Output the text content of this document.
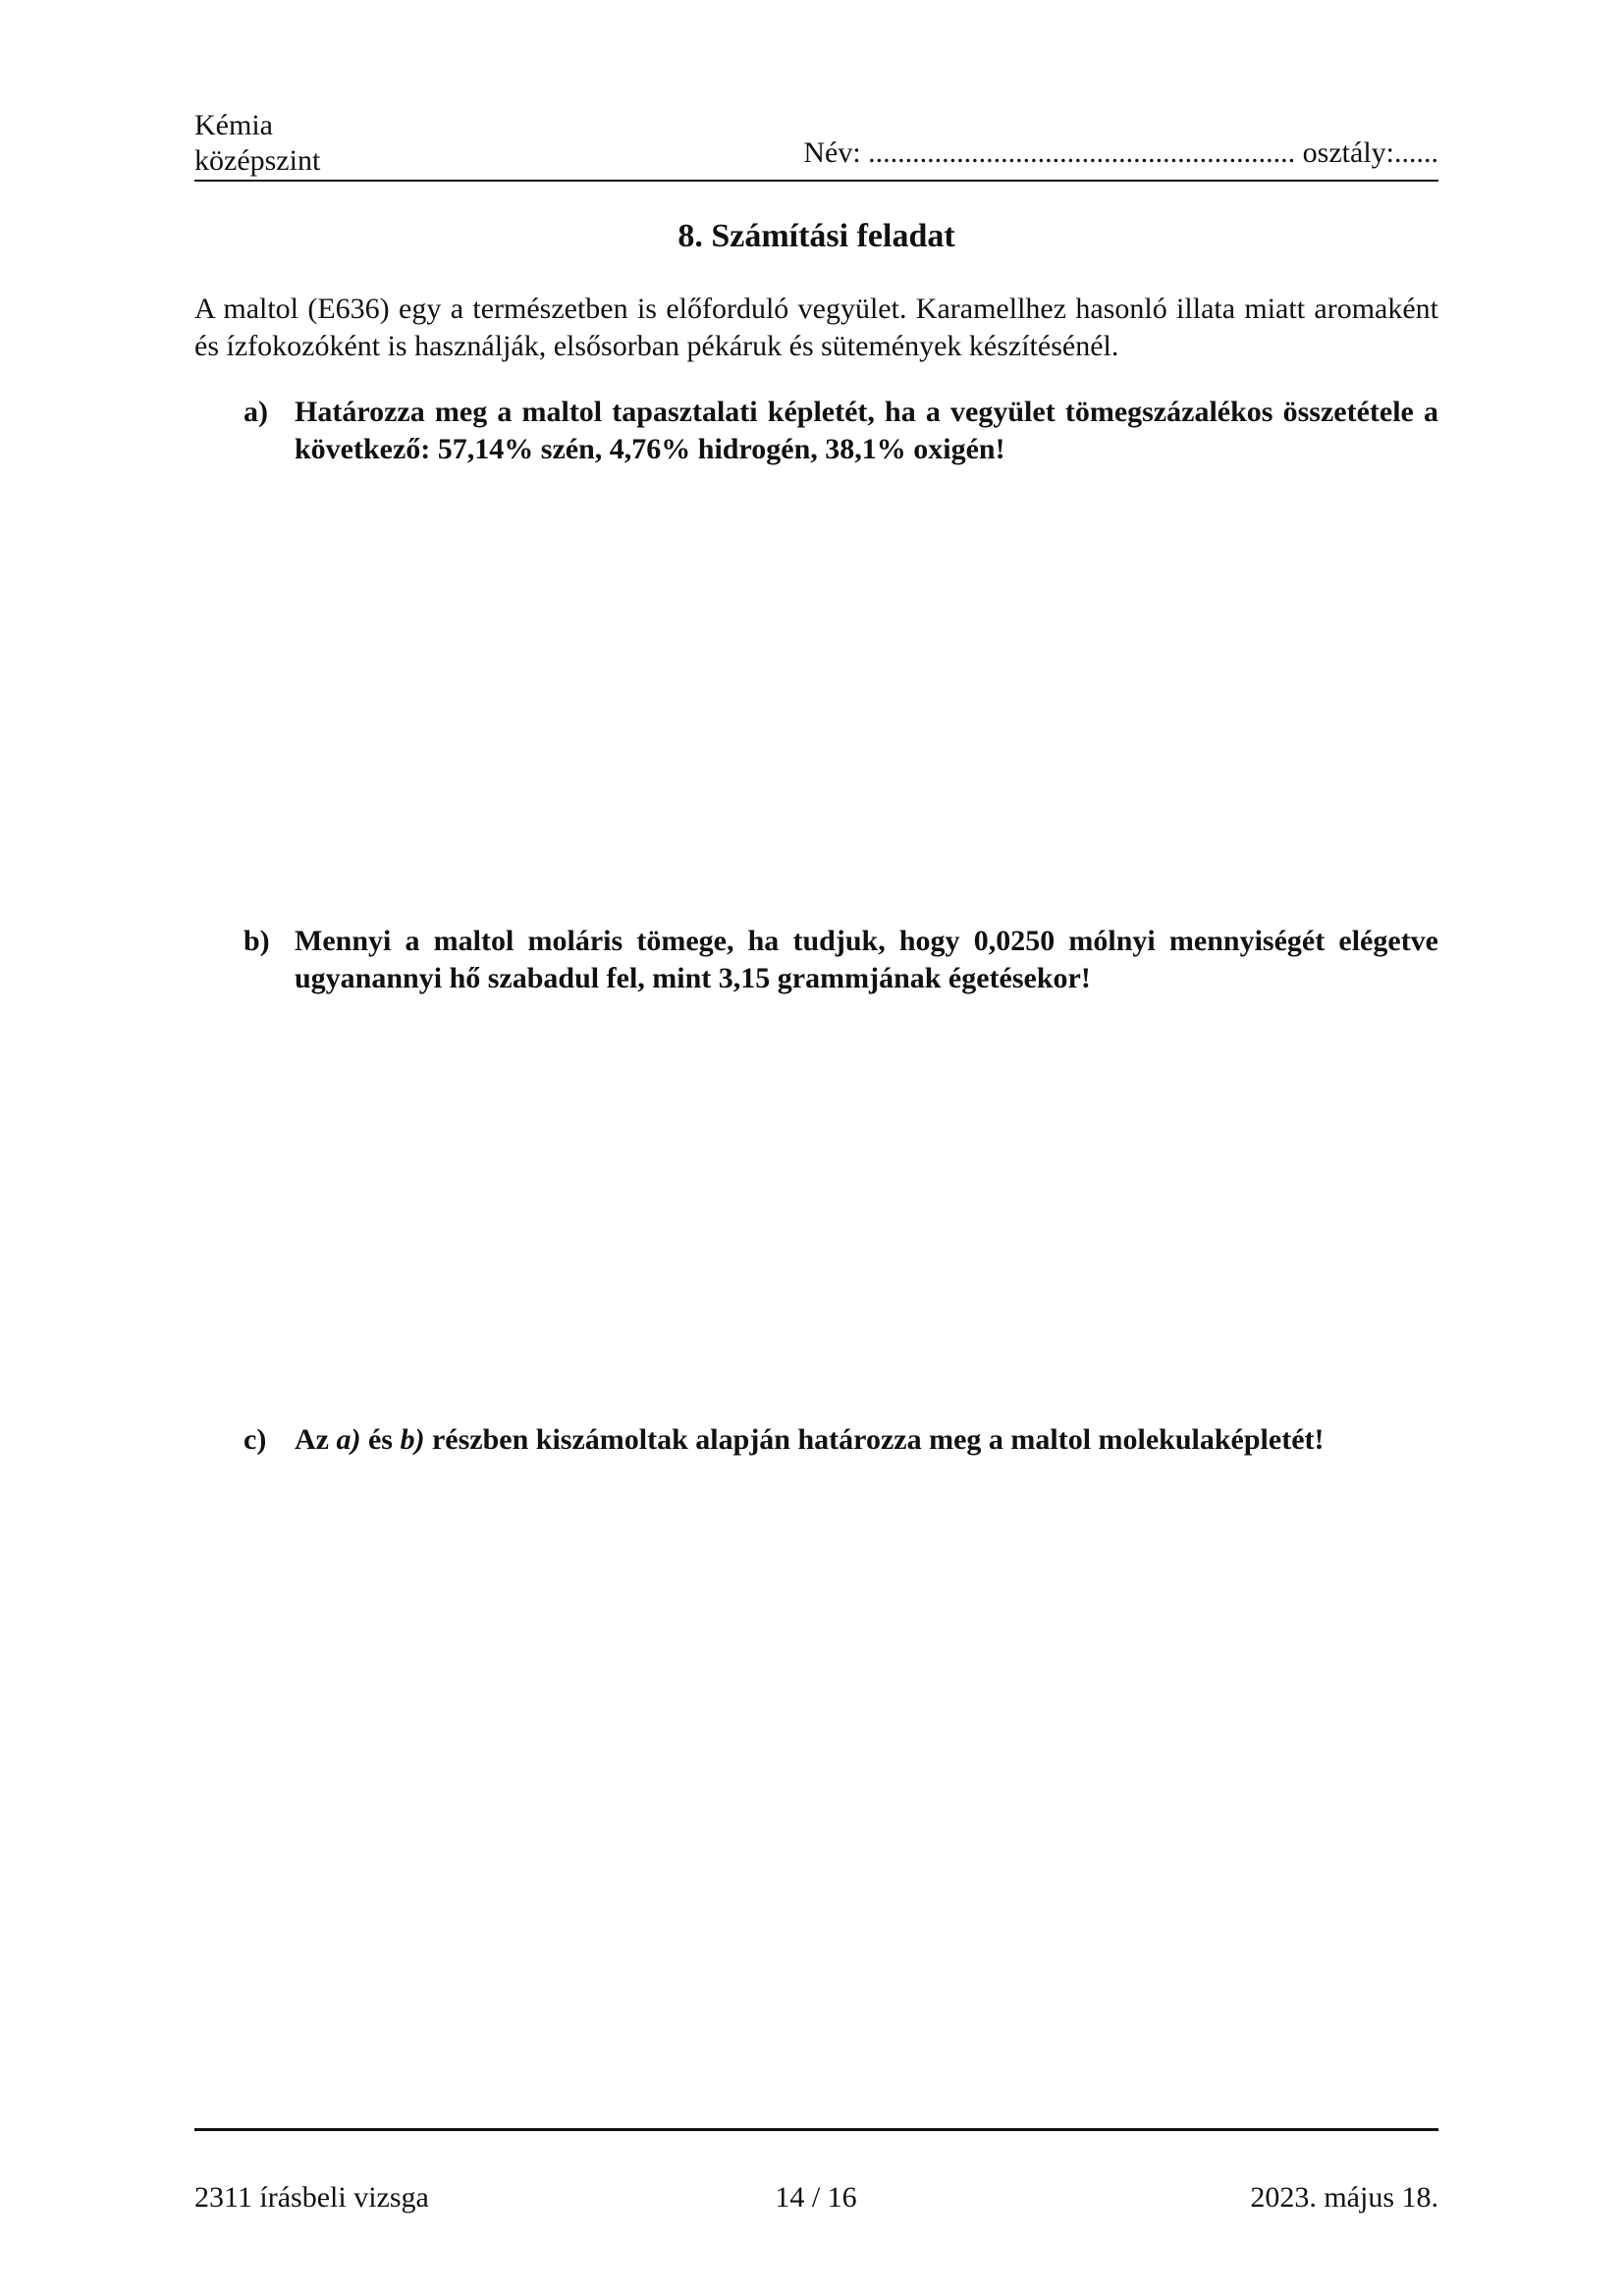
Kémia
középszint	Név: .......................................................... osztály:......
8. Számítási feladat
A maltol (E636) egy a természetben is előforduló vegyület. Karamellhez hasonló illata miatt aromaként és ízfokozóként is használják, elsősorban pékáruk és sütemények készítésénél.
a) Határozza meg a maltol tapasztalati képletét, ha a vegyület tömegszázalékos összetétele a következő: 57,14% szén, 4,76% hidrogén, 38,1% oxigén!
b) Mennyi a maltol moláris tömege, ha tudjuk, hogy 0,0250 mólnyi mennyiségét elégetve ugyanannyi hő szabadul fel, mint 3,15 grammjának égetésekor!
c) Az a) és b) részben kiszámoltak alapján határozza meg a maltol molekulaképletét!
2311 írásbeli vizsga	14 / 16	2023. május 18.
